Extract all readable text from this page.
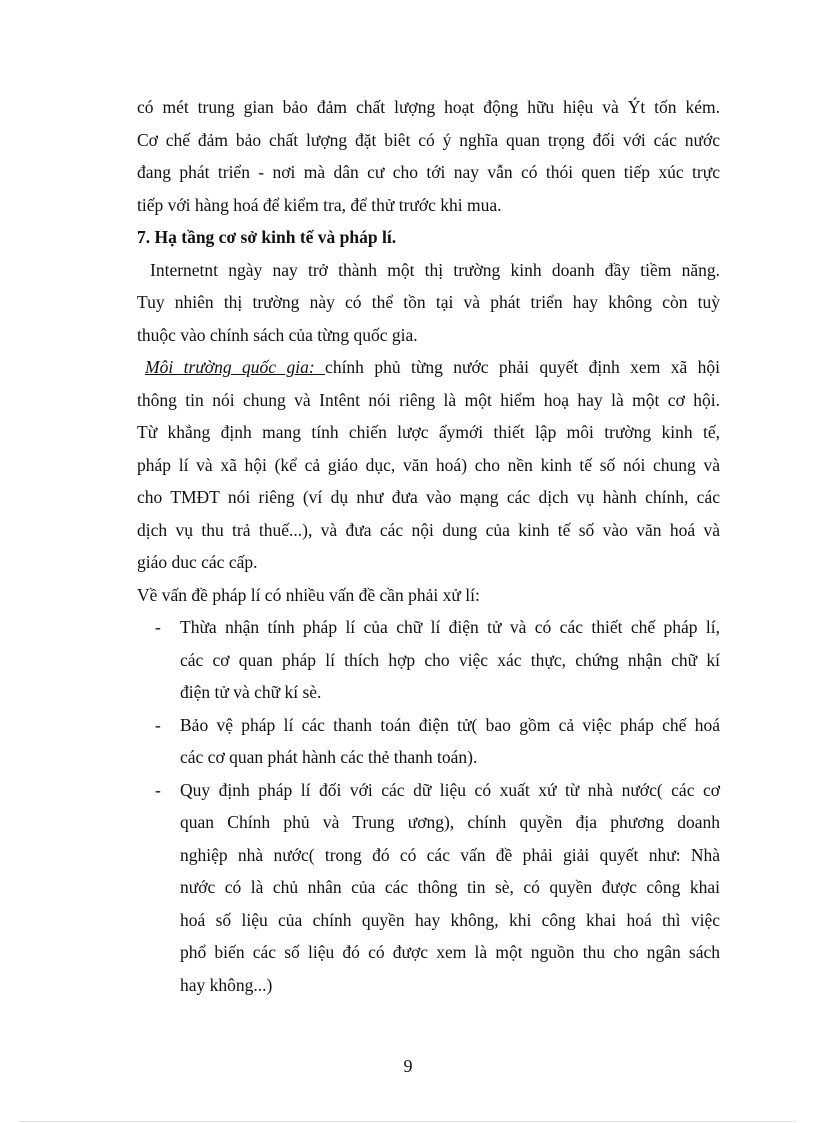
có mét trung gian bảo đảm chất lượng hoạt động hữu hiệu và Ýt tốn kém.
Cơ chế đảm bảo chất lượng đặt biêt có ý nghĩa quan trọng đối với các nước
đang phát triển - nơi mà dân cư cho tới nay vẫn có thói quen tiếp xúc trực
tiếp với hàng hoá để kiểm tra, để thử trước khi mua.
7. Hạ tầng cơ sở kinh tế và pháp lí.
Internetnt ngày nay trở thành một thị trường kinh doanh đầy tiềm năng.
Tuy nhiên thị trường này có thể tồn tại và phát triển hay không còn tuỳ
thuộc vào chính sách của từng quốc gia.
Môi trường quốc gia: chính phủ từng nước phải quyết định xem xã hội
thông tin nói chung và Intênt nói riêng là một hiểm hoạ hay là một cơ hội.
Từ khẳng định mang tính chiến lược ấymới thiết lập môi trường kinh tế,
pháp lí và xã hội (kể cả giáo dục, văn hoá) cho nền kinh tế số nói chung và
cho TMĐT nói riêng (ví dụ như đưa vào mạng các dịch vụ hành chính, các
dịch vụ thu trả thuế...), và đưa các nội dung của kinh tế số vào văn hoá và
giáo duc các cấp.
Về vấn đề pháp lí có nhiều vấn đề cần phải xử lí:
- Thừa nhận tính pháp lí của chữ lí điện tử và có các thiết chế pháp lí,
các cơ quan pháp lí thích hợp cho việc xác thực, chứng nhận chữ kí
điện tử và chữ kí sè.
- Bảo vệ pháp lí các thanh toán điện tử( bao gồm cả việc pháp chế hoá
các cơ quan phát hành các thẻ thanh toán).
- Quy định pháp lí đối với các dữ liệu có xuất xứ từ nhà nước( các cơ
quan Chính phủ và Trung ương), chính quyền địa phương doanh
nghiệp nhà nước( trong đó có các vấn đề phải giải quyết như: Nhà
nước có là chủ nhân của các thông tin sè, có quyền được công khai
hoá số liệu của chính quyền hay không, khi công khai hoá thì việc
phổ biến các số liệu đó có được xem là một nguồn thu cho ngân sách
hay không...)
9
